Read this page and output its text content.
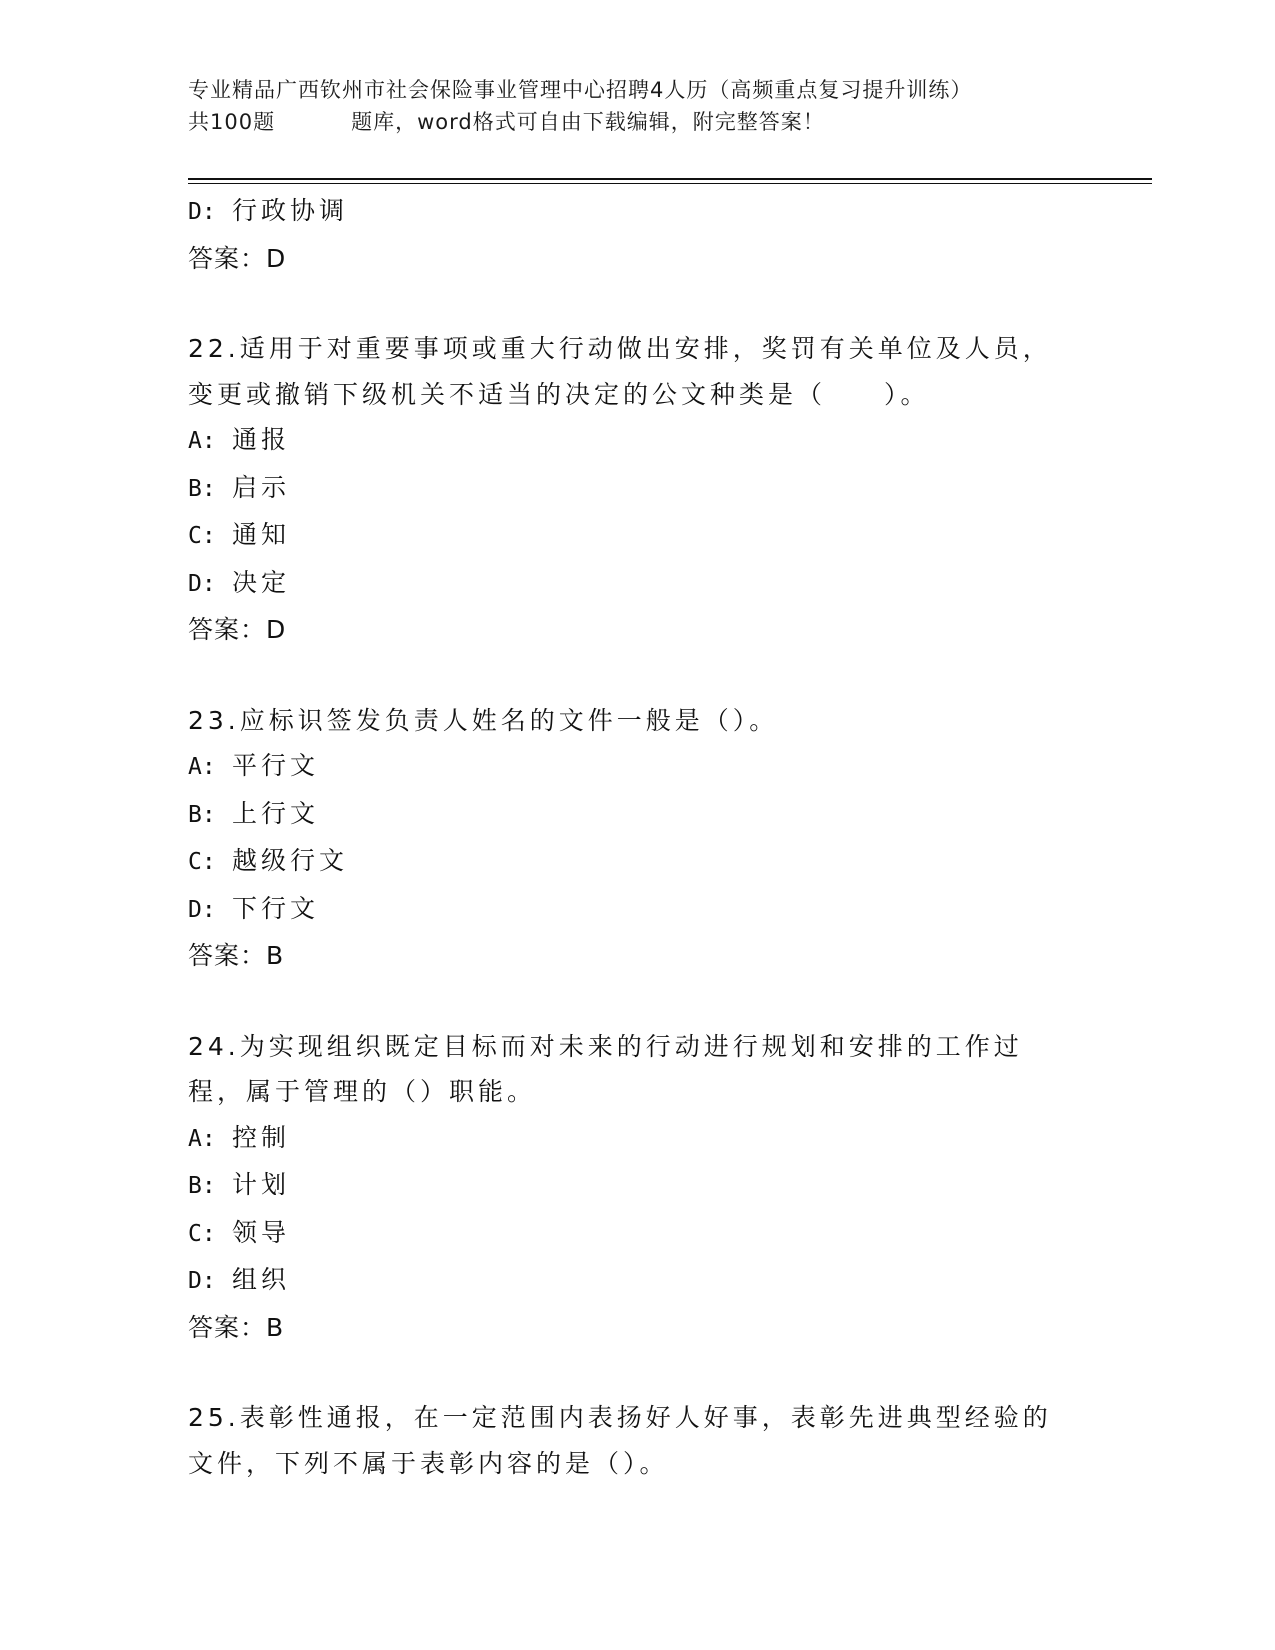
专业精品广西钦州市社会保险事业管理中心招聘4人历（高频重点复习提升训练）
共100题	题库，word格式可自由下载编辑，附完整答案！
D: 行政协调
答案：D
22.适用于对重要事项或重大行动做出安排，奖罚有关单位及人员，变更或撤销下级机关不适当的决定的公文种类是（　　）。
A: 通报
B: 启示
C: 通知
D: 决定
答案：D
23.应标识签发负责人姓名的文件一般是（）。
A: 平行文
B: 上行文
C: 越级行文
D: 下行文
答案：B
24.为实现组织既定目标而对未来的行动进行规划和安排的工作过程，属于管理的（）职能。
A: 控制
B: 计划
C: 领导
D: 组织
答案：B
25.表彰性通报，在一定范围内表扬好人好事，表彰先进典型经验的文件，下列不属于表彰内容的是（）。
